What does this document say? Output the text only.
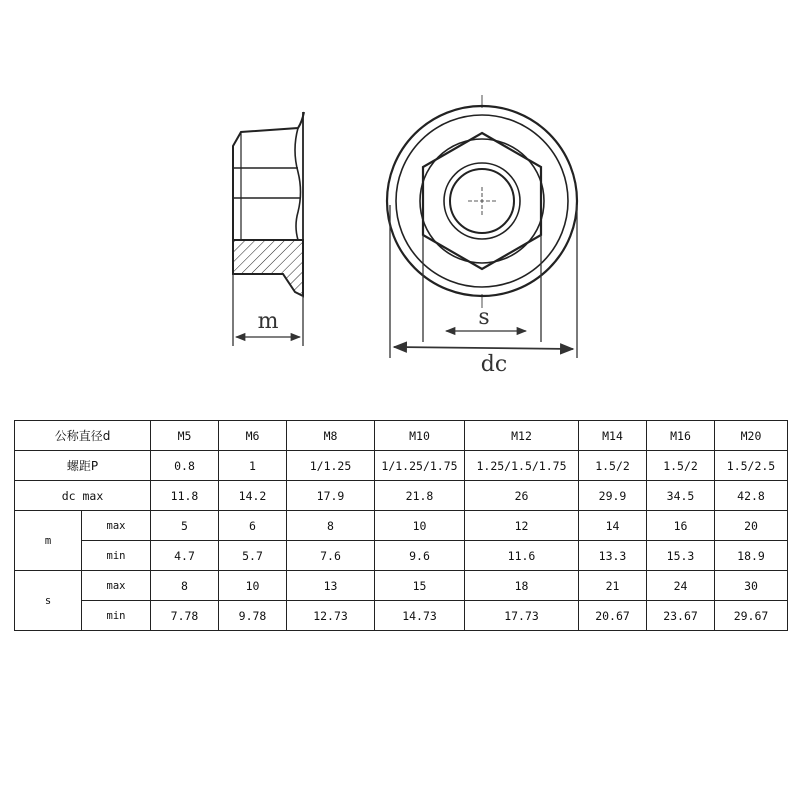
m	s
dc
公称直径d		M5	M6	M8	M10	M12	M14	M16	M20
螺距P		0.8	1	1/1.25	1/1.25/1.75	1.25/1.5/1.75	1.5/2	1.5/2	1.5/2.5
dc max		11.8	14.2	17.9	21.8	26	29.9	34.5	42.8
m	max	5	6	8	10	12	14	16	20
	min	4.7	5.7	7.6	9.6	11.6	13.3	15.3	18.9
s	max	8	10	13	15	18	21	24	30
	min	7.78	9.78	12.73	14.73	17.73	20.67	23.67	29.67
